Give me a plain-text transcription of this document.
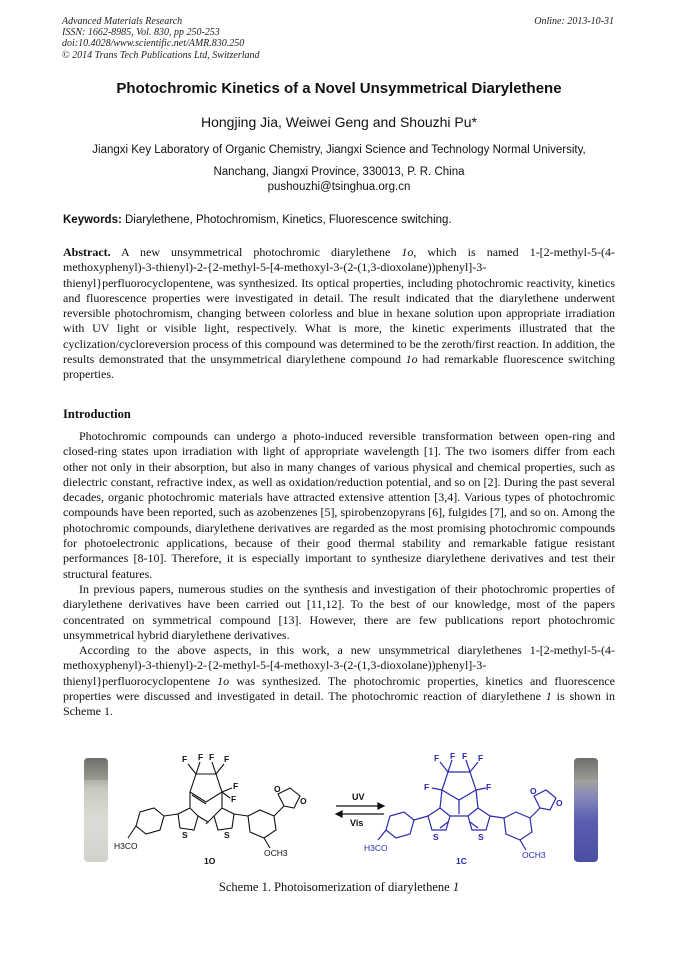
Advanced Materials Research
ISSN: 1662-8985, Vol. 830, pp 250-253
doi:10.4028/www.scientific.net/AMR.830.250
© 2014 Trans Tech Publications Ltd, Switzerland
Online: 2013-10-31
Photochromic Kinetics of a Novel Unsymmetrical Diarylethene
Hongjing Jia, Weiwei Geng and Shouzhi Pu*
Jiangxi Key Laboratory of Organic Chemistry, Jiangxi Science and Technology Normal University,
Nanchang, Jiangxi Province, 330013, P. R. China
pushouzhi@tsinghua.org.cn
Keywords: Diarylethene, Photochromism, Kinetics, Fluorescence switching.
Abstract. A new unsymmetrical photochromic diarylethene 1o, which is named 1-[2-methyl-5-(4-methoxyphenyl)-3-thienyl)-2-{2-methyl-5-[4-methoxyl-3-(2-(1,3-dioxolane))phenyl]-3-thienyl}perfluorocyclopentene, was synthesized. Its optical properties, including photochromic reactivity, kinetics and fluorescence properties were investigated in detail. The result indicated that the diarylethene underwent reversible photochromism, changing between colorless and blue in hexane solution upon appropriate irradiation with UV light or visible light, respectively. What is more, the kinetic experiments illustrated that the cyclization/cycloreversion process of this compound was determined to be the zeroth/first reaction. In addition, the results demonstrated that the unsymmetrical diarylethene compound 1o had remarkable fluorescence switching properties.
Introduction

Photochromic compounds can undergo a photo-induced reversible transformation between open-ring and closed-ring states upon irradiation with light of appropriate wavelength [1]. The two isomers differ from each other not only in their absorption, but also in many changes of various physical and chemical properties, such as dielectric constant, refractive index, as well as oxidation/reduction potential, and so on [2]. During the past several decades, organic photochromic materials have attracted extensive attention [3,4]. Various types of photochromic compounds have been reported, such as azobenzenes [5], spirobenzopyrans [6], fulgides [7], and so on. Among the photochromic compounds, diarylethene derivatives are regarded as the most promising photochromic compounds for photoelectronic applications, because of their good thermal stability and remarkable fatigue resistant performances [8-10]. Therefore, it is especially important to synthesize diarylethene derivatives and test their structural features.

In previous papers, numerous studies on the synthesis and investigation of their photochromic properties of diarylethene derivatives have been carried out [11,12]. To the best of our knowledge, most of the papers concentrated on symmetrical compound [13]. However, there are few publications report photochromic unsymmetrical hybrid diarylethene derivatives.

According to the above aspects, in this work, a new unsymmetrical diarylethenes 1-[2-methyl-5-(4-methoxyphenyl)-3-thienyl)-2-{2-methyl-5-[4-methoxyl-3-(2-(1,3-dioxolane))phenyl]-3-thienyl}perfluorocyclopentene 1o was synthesized. The photochromic properties, kinetics and fluorescence properties were discussed and investigated in detail. The photochromic reaction of diarylethene 1 is shown in Scheme 1.

F F F F
F
F
S	S
O
O
H3CO
OCH3
1O
UV
Vis
F F F F
F	F
S	S
O
O
H3CO
OCH3
1C
Scheme 1. Photoisomerization of diarylethene 1
